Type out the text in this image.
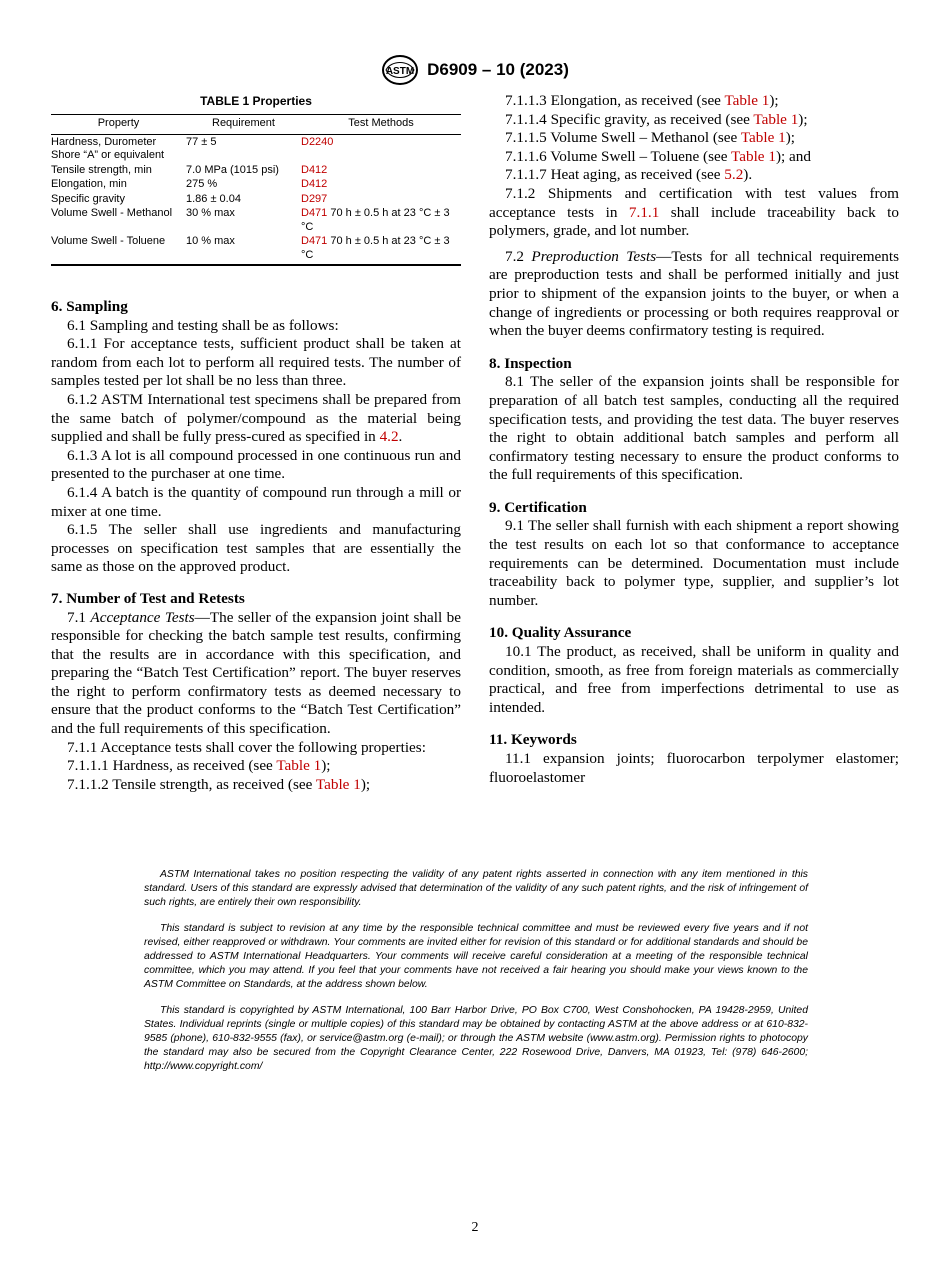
ASTM D6909 – 10 (2023)
TABLE 1 Properties
Property	Requirement	Test Methods
Hardness, Durometer Shore “A” or equivalent	77 ± 5	D2240
Tensile strength, min	7.0 MPa (1015 psi)	D412
Elongation, min	275 %	D412
Specific gravity	1.86 ± 0.04	D297
Volume Swell - Methanol	30 % max	D471 70 h ± 0.5 h at 23 °C ± 3 °C
Volume Swell - Toluene	10 % max	D471 70 h ± 0.5 h at 23 °C ± 3 °C

6. Sampling

6.1 Sampling and testing shall be as follows:

6.1.1 For acceptance tests, sufficient product shall be taken at random from each lot to perform all required tests. The number of samples tested per lot shall be no less than three.

6.1.2 ASTM International test specimens shall be prepared from the same batch of polymer/compound as the material being supplied and shall be fully press-cured as specified in 4.2.

6.1.3 A lot is all compound processed in one continuous run and presented to the purchaser at one time.

6.1.4 A batch is the quantity of compound run through a mill or mixer at one time.

6.1.5 The seller shall use ingredients and manufacturing processes on specification test samples that are essentially the same as those on the approved product.

7. Number of Test and Retests

7.1 Acceptance Tests—The seller of the expansion joint shall be responsible for checking the batch sample test results, confirming that the results are in accordance with this specification, and preparing the “Batch Test Certification” report. The buyer reserves the right to perform confirmatory tests as deemed necessary to ensure that the product conforms to the “Batch Test Certification” and the full requirements of this specification.

7.1.1 Acceptance tests shall cover the following properties:

7.1.1.1 Hardness, as received (see Table 1);

7.1.1.2 Tensile strength, as received (see Table 1);

7.1.1.3 Elongation, as received (see Table 1);

7.1.1.4 Specific gravity, as received (see Table 1);

7.1.1.5 Volume Swell – Methanol (see Table 1);

7.1.1.6 Volume Swell – Toluene (see Table 1); and

7.1.1.7 Heat aging, as received (see 5.2).

7.1.2 Shipments and certification with test values from acceptance tests in 7.1.1 shall include traceability back to polymers, grade, and lot number.

7.2 Preproduction Tests—Tests for all technical requirements are preproduction tests and shall be performed initially and just prior to shipment of the expansion joints to the buyer, or when a change of ingredients or processing or both requires reapproval or when the buyer deems confirmatory testing is required.

8. Inspection

8.1 The seller of the expansion joints shall be responsible for preparation of all batch test samples, conducting all the required specification tests, and providing the test data. The buyer reserves the right to obtain additional batch samples and perform all confirmatory testing necessary to ensure the product conforms to the full requirements of this specification.

9. Certification

9.1 The seller shall furnish with each shipment a report showing the test results on each lot so that conformance to acceptance requirements can be determined. Documentation must include traceability back to polymer type, supplier, and supplier’s lot number.

10. Quality Assurance

10.1 The product, as received, shall be uniform in quality and condition, smooth, as free from foreign materials as commercially practical, and free from imperfections detrimental to use as intended.

11. Keywords

11.1 expansion joints; fluorocarbon terpolymer elastomer; fluoroelastomer

ASTM International takes no position respecting the validity of any patent rights asserted in connection with any item mentioned in this standard. Users of this standard are expressly advised that determination of the validity of any such patent rights, and the risk of infringement of such rights, are entirely their own responsibility.

This standard is subject to revision at any time by the responsible technical committee and must be reviewed every five years and if not revised, either reapproved or withdrawn. Your comments are invited either for revision of this standard or for additional standards and should be addressed to ASTM International Headquarters. Your comments will receive careful consideration at a meeting of the responsible technical committee, which you may attend. If you feel that your comments have not received a fair hearing you should make your views known to the ASTM Committee on Standards, at the address shown below.

This standard is copyrighted by ASTM International, 100 Barr Harbor Drive, PO Box C700, West Conshohocken, PA 19428-2959, United States. Individual reprints (single or multiple copies) of this standard may be obtained by contacting ASTM at the above address or at 610-832-9585 (phone), 610-832-9555 (fax), or service@astm.org (e-mail); or through the ASTM website (www.astm.org). Permission rights to photocopy the standard may also be secured from the Copyright Clearance Center, 222 Rosewood Drive, Danvers, MA 01923, Tel: (978) 646-2600; http://www.copyright.com/

2
